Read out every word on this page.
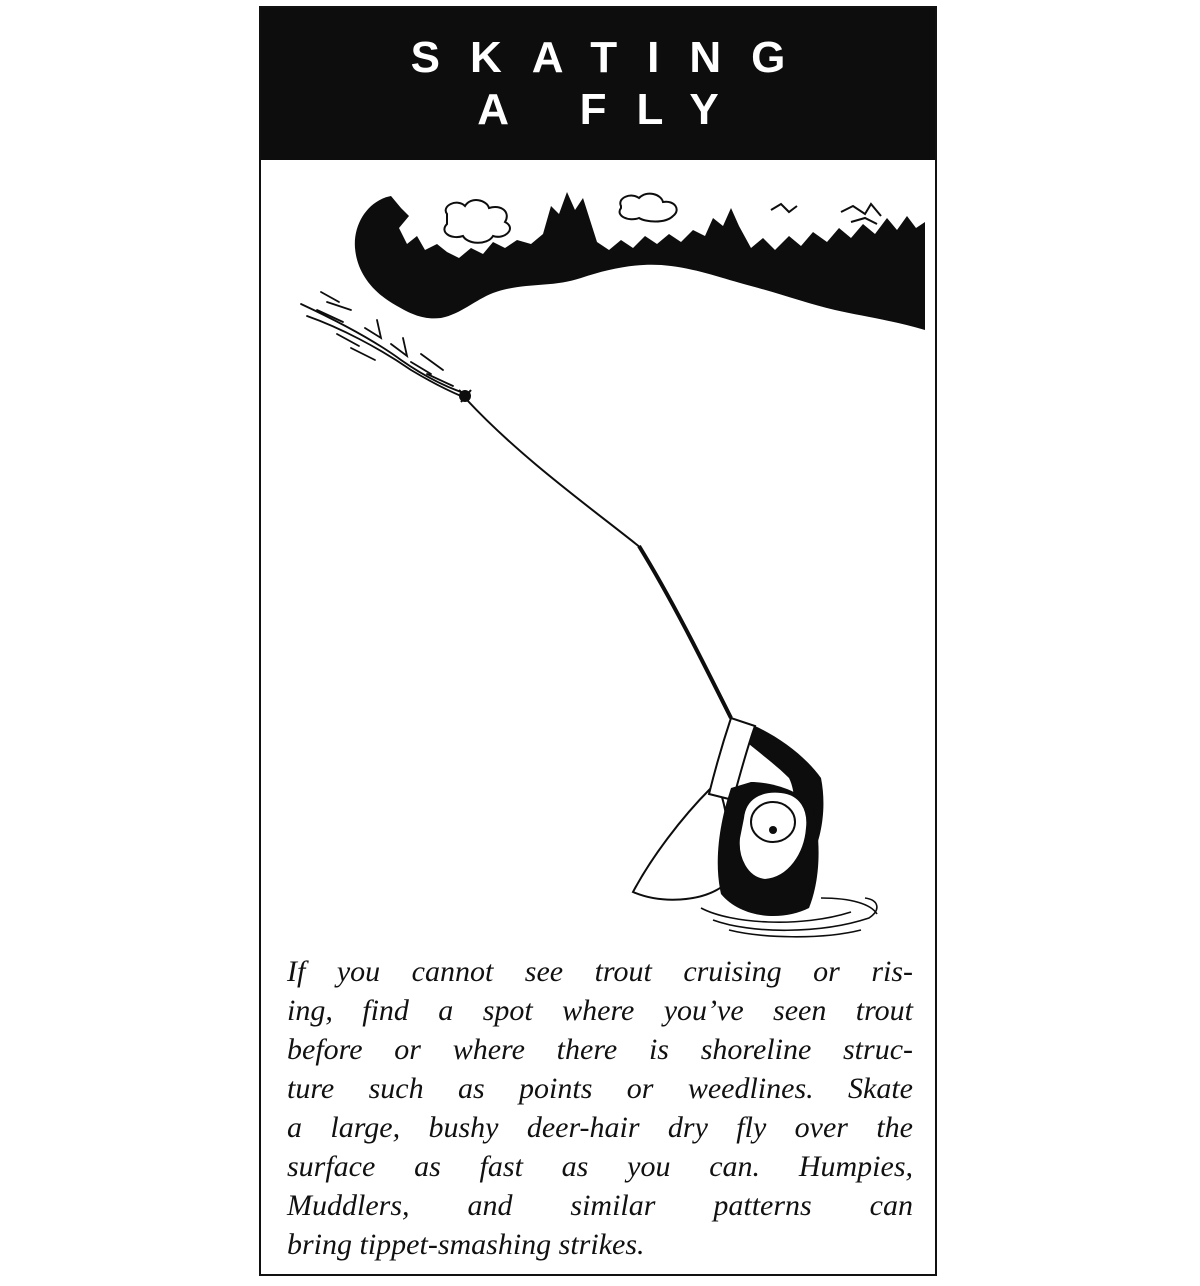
SKATING
A FLY
If you cannot see trout cruising or ris-
ing, find a spot where you’ve seen trout
before or where there is shoreline struc-
ture such as points or weedlines. Skate
a large, bushy deer-hair dry fly over the
surface as fast as you can. Humpies,
Muddlers, and similar patterns can
bring tippet-smashing strikes.
